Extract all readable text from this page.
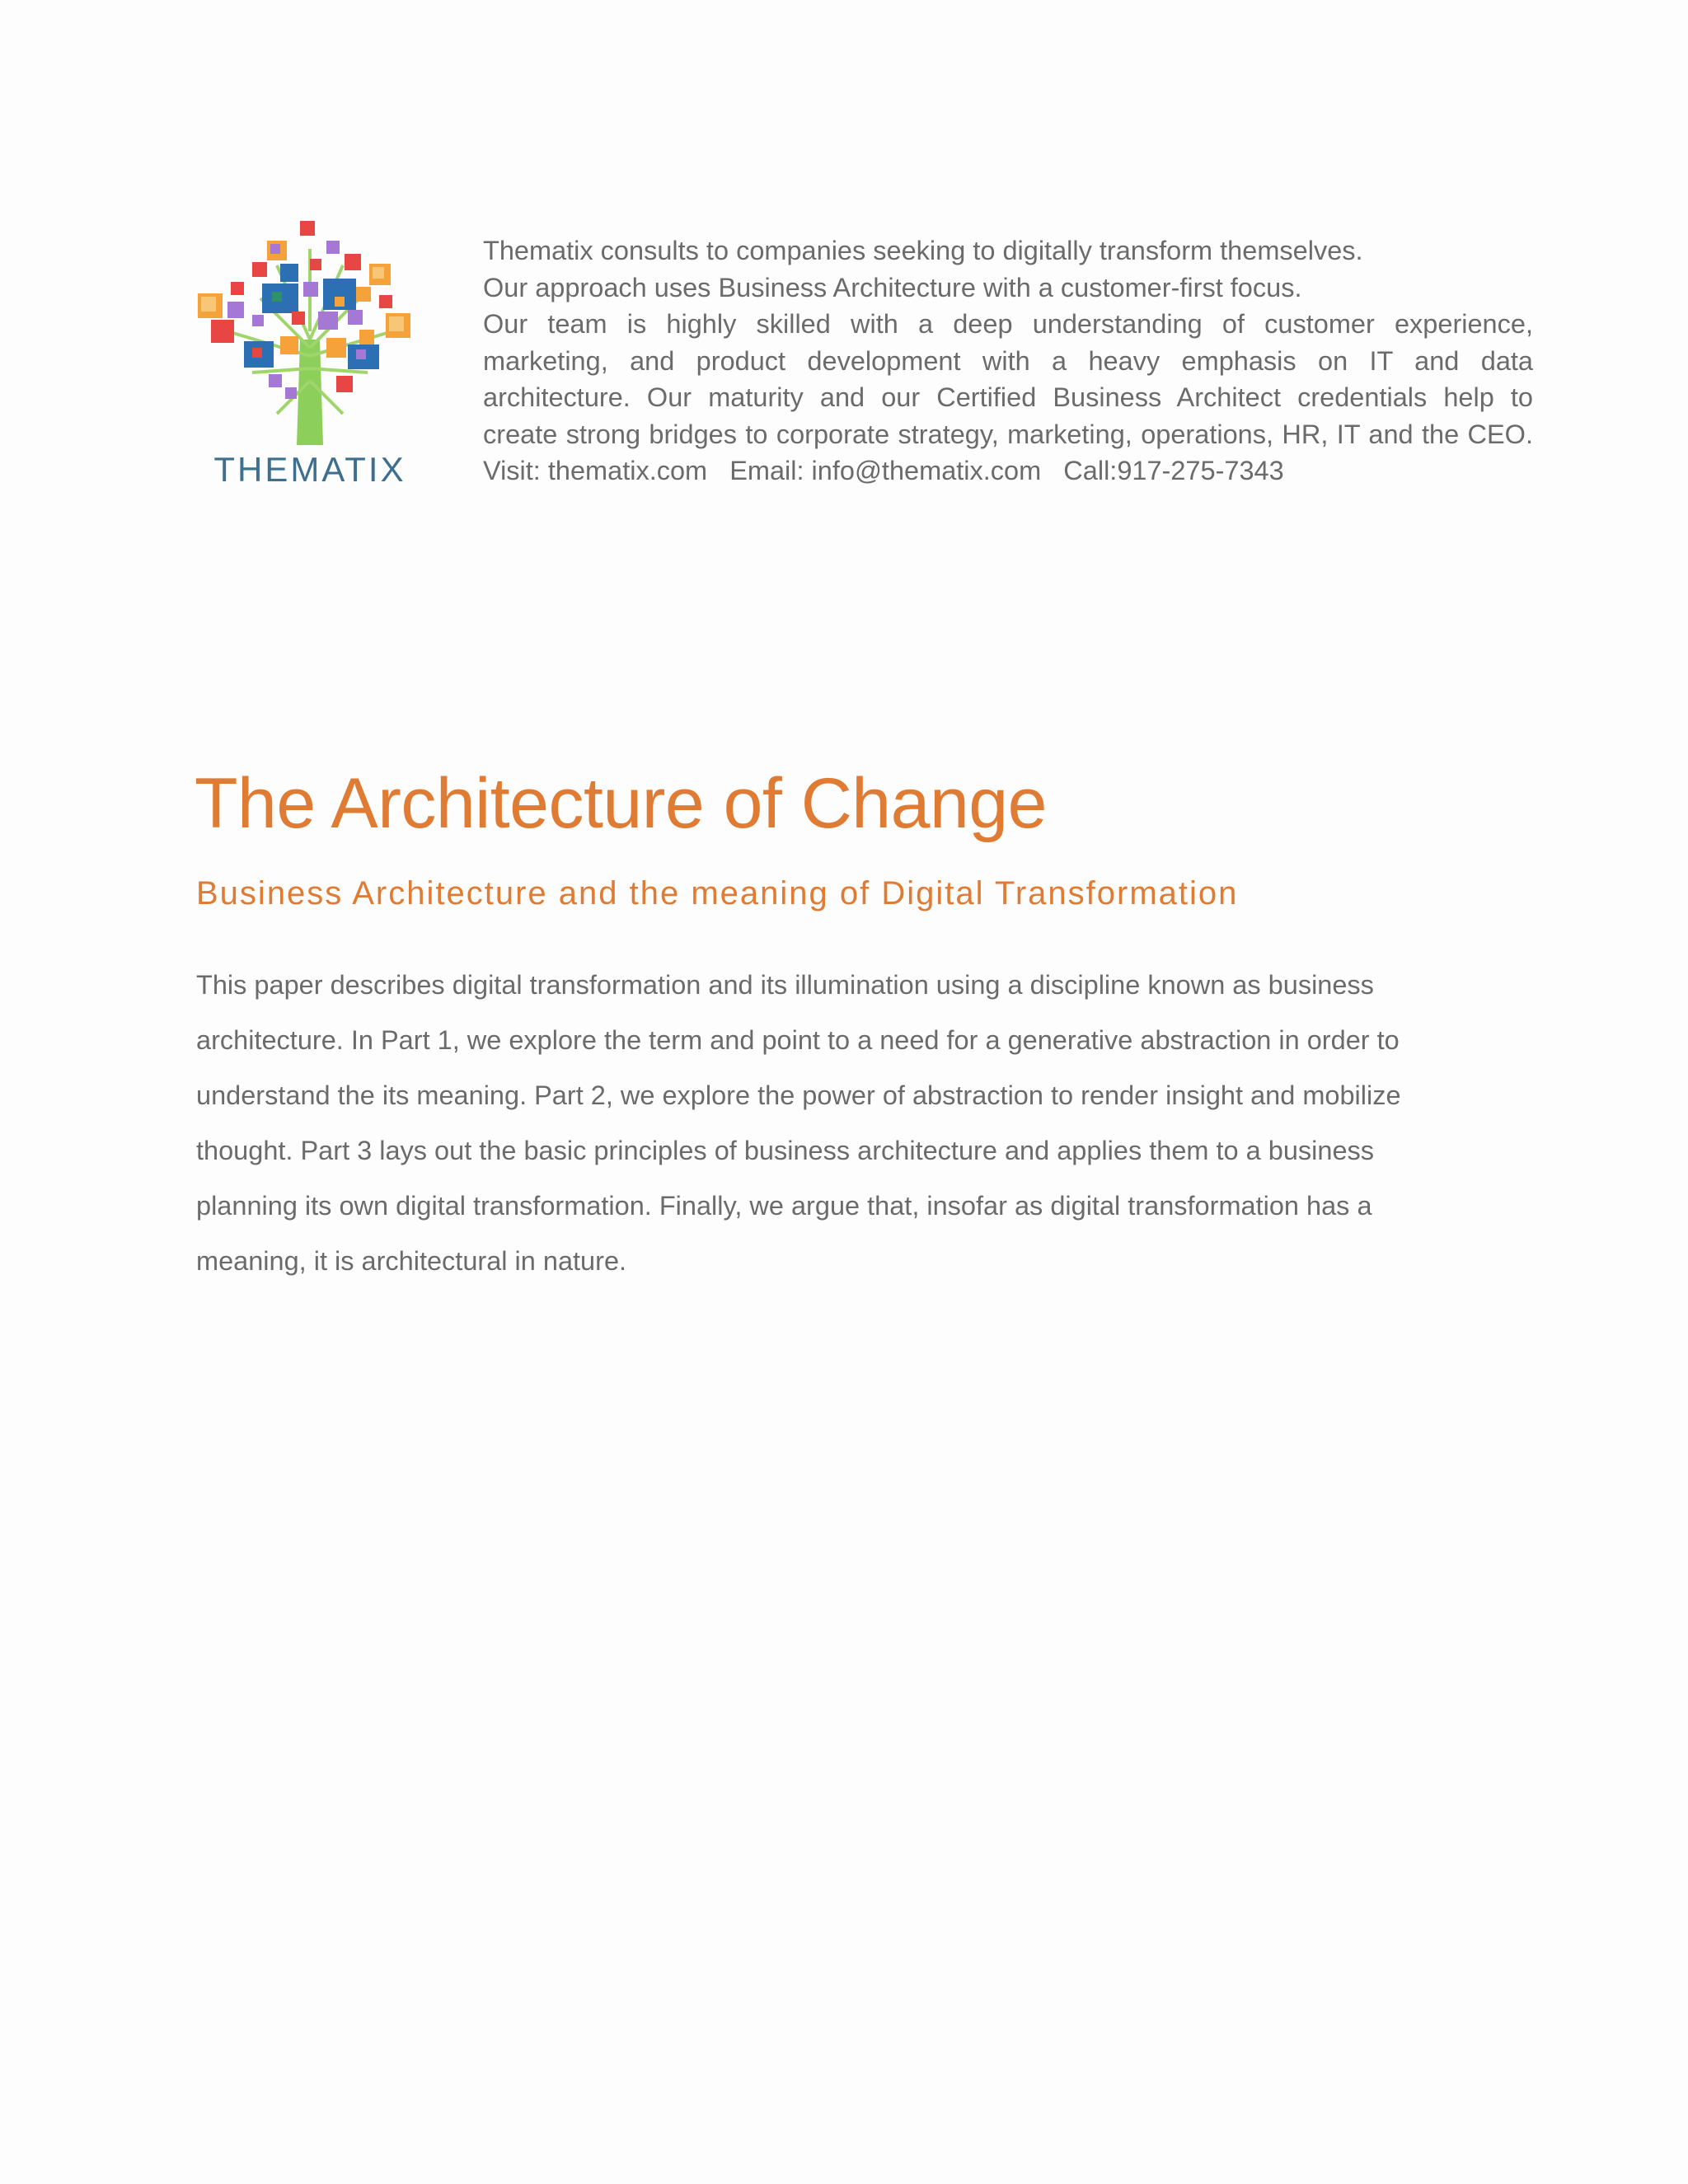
THEMATIX

Thematix consults to companies seeking to digitally transform themselves.

Our approach uses Business Architecture with a customer-first focus.

Our team is highly skilled with a deep understanding of customer experience,

marketing, and product development with a heavy emphasis on IT and data

architecture. Our maturity and our Certified Business Architect credentials help to

create strong bridges to corporate strategy, marketing, operations, HR, IT and the CEO.

Visit: thematix.com Email: info@thematix.com Call:917-275-7343

The Architecture of Change
Business Architecture and the meaning of Digital Transformation

This paper describes digital transformation and its illumination using a discipline known as business
architecture. In Part 1, we explore the term and point to a need for a generative abstraction in order to
understand the its meaning. Part 2, we explore the power of abstraction to render insight and mobilize
thought. Part 3 lays out the basic principles of business architecture and applies them to a business
planning its own digital transformation. Finally, we argue that, insofar as digital transformation has a
meaning, it is architectural in nature.
